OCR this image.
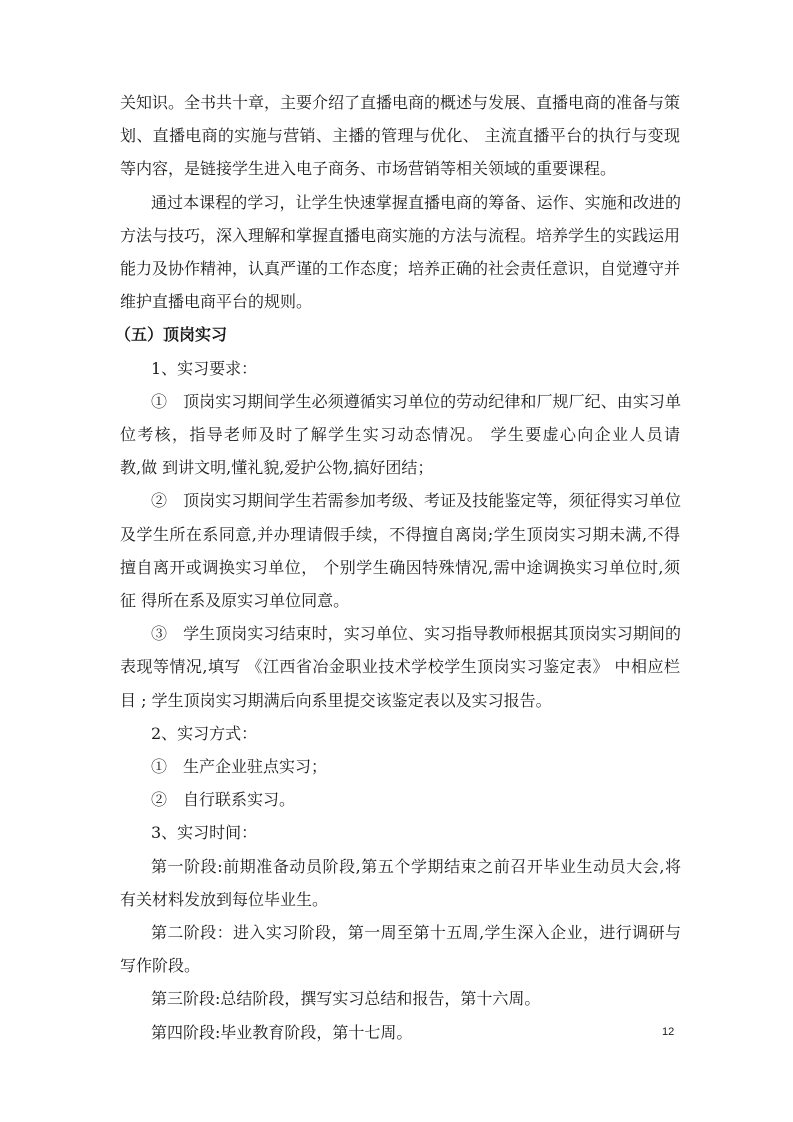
关知识。全书共十章，主要介绍了直播电商的概述与发展、直播电商的准备与策
划、直播电商的实施与营销、主播的管理与优化、 主流直播平台的执行与变现
等内容，是链接学生进入电子商务、市场营销等相关领域的重要课程。
通过本课程的学习，让学生快速掌握直播电商的筹备、运作、实施和改进的
方法与技巧，深入理解和掌握直播电商实施的方法与流程。培养学生的实践运用
能力及协作精神，认真严谨的工作态度；培养正确的社会责任意识，自觉遵守并
维护直播电商平台的规则。
（五）顶岗实习
1、实习要求：
①　顶岗实习期间学生必须遵循实习单位的劳动纪律和厂规厂纪、由实习单
位考核，指导老师及时了解学生实习动态情况。 学生要虚心向企业人员请
教,做 到讲文明,懂礼貌,爱护公物,搞好团结；
②　顶岗实习期间学生若需参加考级、考证及技能鉴定等，须征得实习单位
及学生所在系同意,并办理请假手续，不得擅自离岗;学生顶岗实习期未满,不得
擅自离开或调换实习单位， 个别学生确因特殊情况,需中途调换实习单位时,须
征 得所在系及原实习单位同意。
③　学生顶岗实习结束时，实习单位、实习指导教师根据其顶岗实习期间的
表现等情况,填写 《江西省冶金职业技术学校学生顶岗实习鉴定表》 中相应栏
目 ; 学生顶岗实习期满后向系里提交该鉴定表以及实习报告。
2、实习方式：
①　生产企业驻点实习；
②　自行联系实习。
3、实习时间：
第一阶段:前期准备动员阶段,第五个学期结束之前召开毕业生动员大会,将
有关材料发放到每位毕业生。
第二阶段：进入实习阶段，第一周至第十五周,学生深入企业，进行调研与
写作阶段。
第三阶段:总结阶段，撰写实习总结和报告，第十六周。
第四阶段:毕业教育阶段，第十七周。	12
